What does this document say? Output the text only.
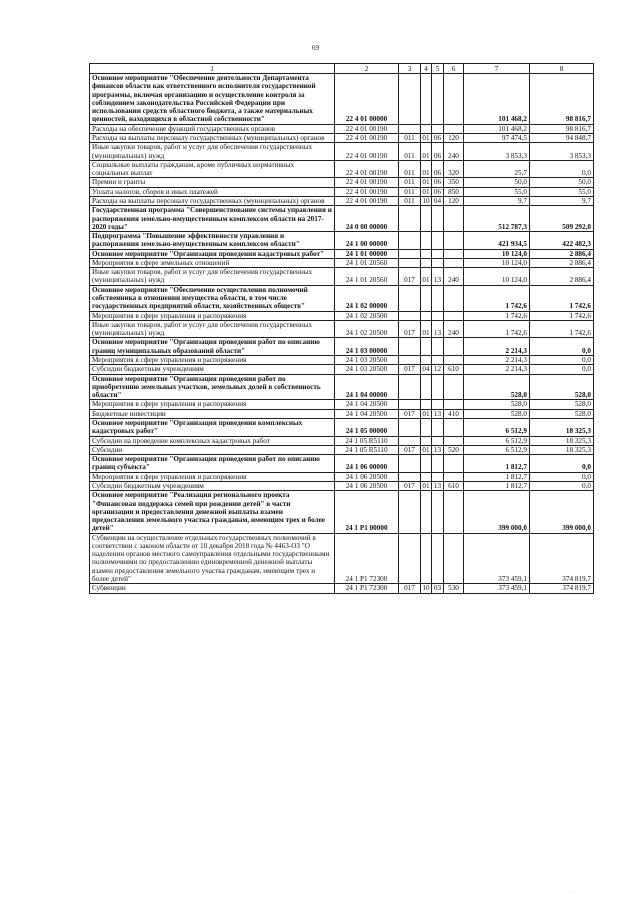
69
1	2	3	4	5	6	7	8
Основное мероприятие "Обеспечение деятельности Департамента финансов области как ответственного исполнителя государственной программы, включая организацию и осуществление контроля за соблюдением законодательства Российской Федерации при использовании средств областного бюджета, а также материальных ценностей, находящихся в областной собственности"	22 4 01 00000					101 468,2	98 816,7
Расходы на обеспечение функций государственных органов	22 4 01 00190					101 468,2	98 816,7
Расходы на выплаты персоналу государственных (муниципальных) органов	22 4 01 00190	011	01	06	120	97 474,5	94 848,7
Иные закупки товаров, работ и услуг для обеспечения государственных (муниципальных) нужд	22 4 01 00190	011	01	06	240	3 853,3	3 853,3
Социальные выплаты гражданам, кроме публичных нормативных социальных выплат	22 4 01 00190	011	01	06	320	25,7	0,0
Премии и гранты	22 4 01 00190	011	01	06	350	50,0	50,0
Уплата налогов, сборов и иных платежей	22 4 01 00190	011	01	06	850	55,0	55,0
Расходы на выплаты персоналу государственных (муниципальных) органов	22 4 01 00190	011	10	04	120	9,7	9,7
Государственная программа "Совершенствование системы управления и распоряжения земельно-имущественным комплексом области на 2017-2020 годы"	24 0 00 00000					512 787,3	509 292,0
Подпрограмма "Повышение эффективности управления и распоряжения земельно-имущественным комплексом области"	24 1 00 00000					421 934,5	422 482,3
Основное мероприятие "Организация проведения кадастровых работ"	24 1 01 00000					10 124,0	2 886,4
Мероприятия в сфере земельных отношений	24 1 01 20560					10 124,0	2 886,4
Иные закупки товаров, работ и услуг для обеспечения государственных (муниципальных) нужд	24 1 01 20560	017	01	13	240	10 124,0	2 886,4
Основное мероприятие "Обеспечение осуществления полномочий собственника в отношении имущества области, в том числе государственных предприятий области, хозяйственных обществ"	24 1 02 00000					1 742,6	1 742,6
Мероприятия в сфере управления и распоряжения	24 1 02 20500					1 742,6	1 742,6
Иные закупки товаров, работ и услуг для обеспечения государственных (муниципальных) нужд	24 1 02 20500	017	01	13	240	1 742,6	1 742,6
Основное мероприятие "Организация проведения работ по описанию границ муниципальных образований области"	24 1 03 00000					2 214,3	0,0
Мероприятия в сфере управления и распоряжения	24 1 03 20500					2 214,3	0,0
Субсидии бюджетным учреждениям	24 1 03 20500	017	04	12	610	2 214,3	0,0
Основное мероприятие "Организация проведения работ по приобретению земельных участков, земельных долей в собственность области"	24 1 04 00000					528,0	528,0
Мероприятия в сфере управления и распоряжения	24 1 04 20500					528,0	528,0
Бюджетные инвестиции	24 1 04 20500	017	01	13	410	528,0	528,0
Основное мероприятие "Организация проведения комплексных кадастровых работ"	24 1 05 00000					6 512,9	18 325,3
Субсидии на проведение комплексных кадастровых работ	24 1 05 R5110					6 512,9	18 325,3
Субсидии	24 1 05 R5110	017	01	13	520	6 512,9	18 325,3
Основное мероприятие "Организация проведения работ по описанию границ субъекта"	24 1 06 00000					1 812,7	0,0
Мероприятия в сфере управления и распоряжения	24 1 06 20500					1 812,7	0,0
Субсидии бюджетным учреждениям	24 1 06 20500	017	01	13	610	1 812,7	0,0
Основное мероприятие "Реализация регионального проекта "Финансовая поддержка семей при рождении детей" в части организации и предоставления денежной выплаты взамен предоставления земельного участка гражданам, имеющим трех и более детей"	24 1 P1 00000					399 000,0	399 000,0
Субвенции на осуществление отдельных государственных полномочий в соответствии с законом области от 10 декабря 2018 года № 4463-ОЗ "О наделении органов местного самоуправления отдельными государственными полномочиями по предоставлению единовременной денежной выплаты взамен предоставления земельного участка гражданам, имеющим трех и более детей"	24 1 P1 72300					373 459,1	374 819,7
Субвенции	24 1 P1 72300	017	10	03	530	373 459,1	374 819,7
· ·
